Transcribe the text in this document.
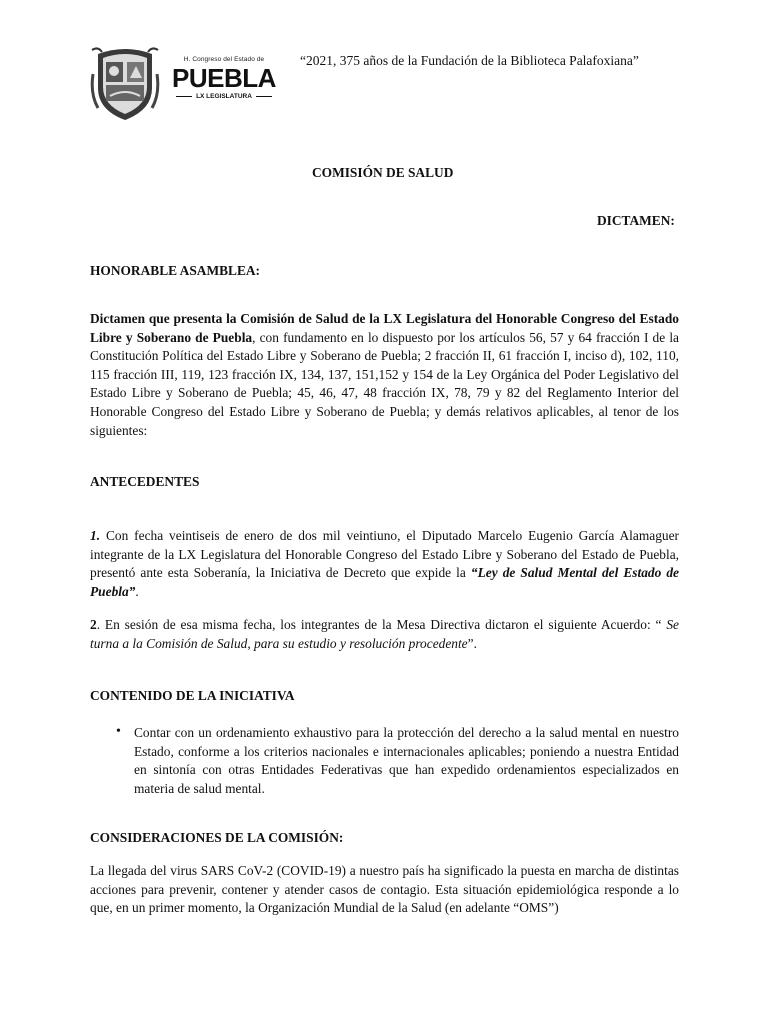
H. Congreso del Estado de
PUEBLA
LX LEGISLATURA
“2021, 375 años de la Fundación de la Biblioteca Palafoxiana”
COMISIÓN DE SALUD
DICTAMEN:
HONORABLE ASAMBLEA:
Dictamen que presenta la Comisión de Salud de la LX Legislatura del Honorable Congreso del Estado Libre y Soberano de Puebla, con fundamento en lo dispuesto por los artículos 56, 57 y 64 fracción I de la Constitución Política del Estado Libre y Soberano de Puebla; 2 fracción II, 61 fracción I, inciso d), 102, 110, 115 fracción III, 119, 123 fracción IX, 134, 137, 151,152 y 154 de la Ley Orgánica del Poder Legislativo del Estado Libre y Soberano de Puebla; 45, 46, 47, 48 fracción IX, 78, 79 y 82 del Reglamento Interior del Honorable Congreso del Estado Libre y Soberano de Puebla; y demás relativos aplicables, al tenor de los siguientes:
ANTECEDENTES
1. Con fecha veintiseis de enero de dos mil veintiuno, el Diputado Marcelo Eugenio García Alamaguer integrante de la LX Legislatura del Honorable Congreso del Estado Libre y Soberano del Estado de Puebla, presentó ante esta Soberanía, la Iniciativa de Decreto que expide la “Ley de Salud Mental del Estado de Puebla”.
2. En sesión de esa misma fecha, los integrantes de la Mesa Directiva dictaron el siguiente Acuerdo: “ Se turna a la Comisión de Salud, para su estudio y resolución procedente”.
CONTENIDO DE LA INICIATIVA
• Contar con un ordenamiento exhaustivo para la protección del derecho a la salud mental en nuestro Estado, conforme a los criterios nacionales e internacionales aplicables; poniendo a nuestra Entidad en sintonía con otras Entidades Federativas que han expedido ordenamientos especializados en materia de salud mental.
CONSIDERACIONES DE LA COMISIÓN:
La llegada del virus SARS CoV-2 (COVID-19) a nuestro país ha significado la puesta en marcha de distintas acciones para prevenir, contener y atender casos de contagio. Esta situación epidemiológica responde a lo que, en un primer momento, la Organización Mundial de la Salud (en adelante “OMS”)
